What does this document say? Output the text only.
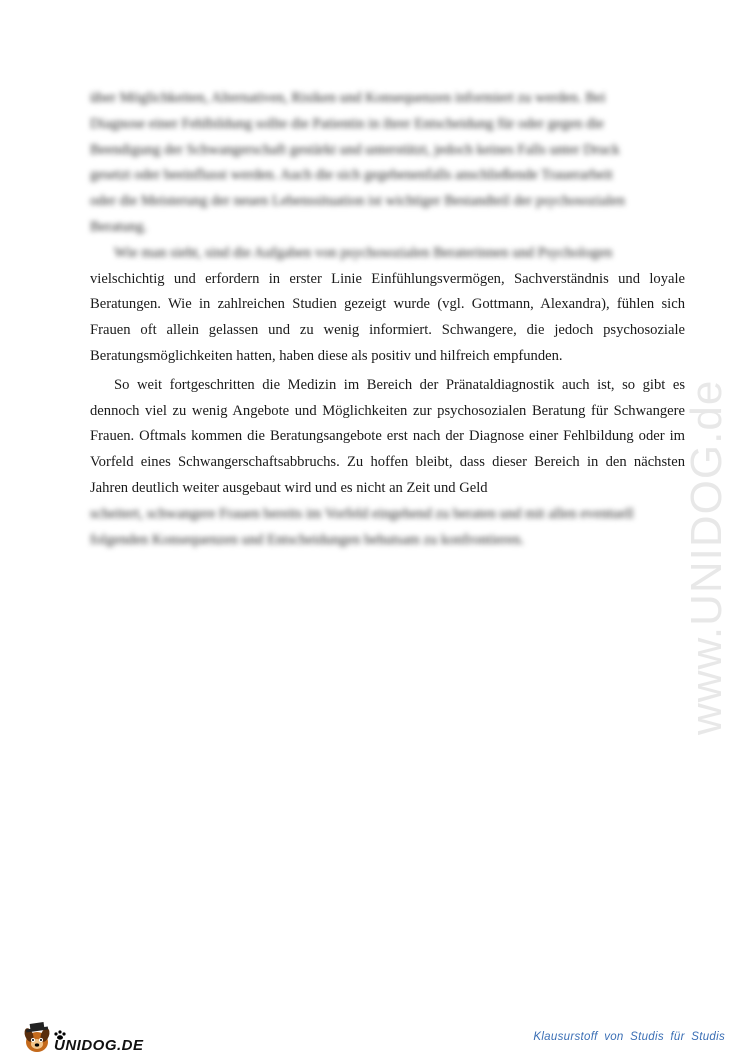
über Möglichkeiten, Alternativen, Risiken und Konsequenzen informiert zu werden. Bei
Diagnose einer Fehlbildung sollte die Patientin in ihrer Entscheidung für oder gegen die
Beendigung der Schwangerschaft gestärkt und unterstützt, jedoch keines Falls unter Druck
gesetzt oder beeinflusst werden. Auch die sich gegebenenfalls anschließende Trauerarbeit
oder die Meisterung der neuen Lebenssituation ist wichtiger Bestandteil der psychosozialen
Beratung.

Wie man sieht, sind die Aufgaben von psychosozialen Beraterinnen und Psychologen

vielschichtig und erfordern in erster Linie Einfühlungsvermögen, Sachverständnis und loyale Beratungen. Wie in zahlreichen Studien gezeigt wurde (vgl. Gottmann, Alexandra), fühlen sich Frauen oft allein gelassen und zu wenig informiert. Schwangere, die jedoch psychosoziale Beratungsmöglichkeiten hatten, haben diese als positiv und hilfreich empfunden.

So weit fortgeschritten die Medizin im Bereich der Pränataldiagnostik auch ist, so gibt es dennoch viel zu wenig Angebote und Möglichkeiten zur psychosozialen Beratung für Schwangere Frauen. Oftmals kommen die Beratungsangebote erst nach der Diagnose einer Fehlbildung oder im Vorfeld eines Schwangerschaftsabbruchs. Zu hoffen bleibt, dass dieser Bereich in den nächsten Jahren deutlich weiter ausgebaut wird und es nicht an Zeit und Geld

scheitert, schwangere Frauen bereits im Vorfeld eingehend zu beraten und mit allen eventuell
folgenden Konsequenzen und Entscheidungen behutsam zu konfrontieren.	www.UNIDOG.de
UNIDOG.DE	Klausurstoff von Studis für Studis
